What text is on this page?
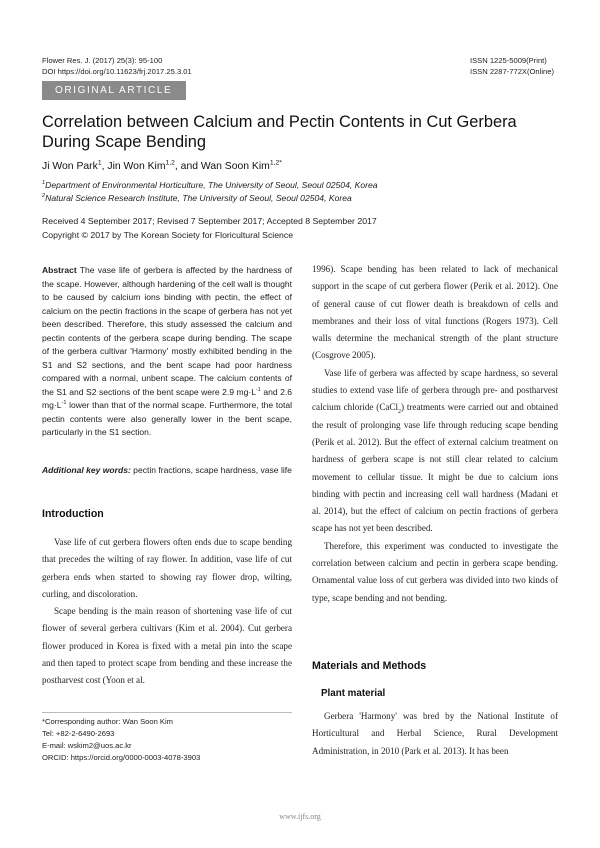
Flower Res. J. (2017) 25(3): 95-100
DOI https://doi.org/10.11623/frj.2017.25.3.01
ISSN 1225-5009(Print)
ISSN 2287-772X(Online)
ORIGINAL ARTICLE
Correlation between Calcium and Pectin Contents in Cut Gerbera
During Scape Bending
Ji Won Park$^1$, Jin Won Kim$^{1,2}$, and Wan Soon Kim$^{1,2*}$
$^1$Department of Environmental Horticulture, The University of Seoul, Seoul 02504, Korea
$^2$Natural Science Research Institute, The University of Seoul, Seoul 02504, Korea
Received 4 September 2017; Revised 7 September 2017; Accepted 8 September 2017
Copyright © 2017 by The Korean Society for Floricultural Science
Abstract The vase life of gerbera is affected by the hardness of the scape. However, although hardening of the cell wall is thought to be caused by calcium ions binding with pectin, the effect of calcium on the pectin fractions in the scape of gerbera has not yet been described. Therefore, this study assessed the calcium and pectin contents of the gerbera scape during bending. The scape of the gerbera cultivar 'Harmony' mostly exhibited bending in the S1 and S2 sections, and the bent scape had poor hardness compared with a normal, unbent scape. The calcium contents of the S1 and S2 sections of the bent scape were 2.9 $mg\cdot L^{-1}$ and 2.6 $mg\cdot L^{-1}$ lower than that of the normal scape. Furthermore, the total pectin contents were also generally lower in the bent scape, particularly in the S1 section.
Additional key words: pectin fractions, scape hardness, vase life
Introduction

Vase life of cut gerbera flowers often ends due to scape bending that precedes the wilting of ray flower. In addition, vase life of cut gerbera ends when started to showing ray flower drop, wilting, curling, and discoloration.

Scape bending is the main reason of shortening vase life of cut flower of several gerbera cultivars (Kim et al. 2004). Cut gerbera flower produced in Korea is fixed with a metal pin into the scape and then taped to protect scape from bending and these increase the postharvest cost (Yoon et al.

*Corresponding author: Wan Soon Kim
Tel: +82-2-6490-2693
E-mail: wskim2@uos.ac.kr
ORCID: https://orcid.org/0000-0003-4078-3903

1996). Scape bending has been related to lack of mechanical support in the scape of cut gerbera flower (Perik et al. 2012). One of general cause of cut flower death is breakdown of cells and membranes and their loss of vital functions (Rogers 1973). Cell walls determine the mechanical strength of the plant structure (Cosgrove 2005).

Vase life of gerbera was affected by scape hardness, so several studies to extend vase life of gerbera through pre- and postharvest calcium chloride (CaCl$_2$) treatments were carried out and obtained the result of prolonging vase life through reducing scape bending (Perik et al. 2012). But the effect of external calcium treatment on hardness of gerbera scape is not still clear related to calcium movement to cellular tissue. It might be due to calcium ions binding with pectin and increasing cell wall hardness (Madani et al. 2014), but the effect of calcium on pectin fractions of gerbera scape has not yet been described.

Therefore, this experiment was conducted to investigate the correlation between calcium and pectin in gerbera scape bending. Ornamental value loss of cut gerbera was divided into two kinds of type, scape bending and not bending.

Materials and Methods
Plant material

Gerbera 'Harmony' was bred by the National Institute of Horticultural and Herbal Science, Rural Development Administration, in 2010 (Park et al. 2013). It has been

www.ijfs.org
